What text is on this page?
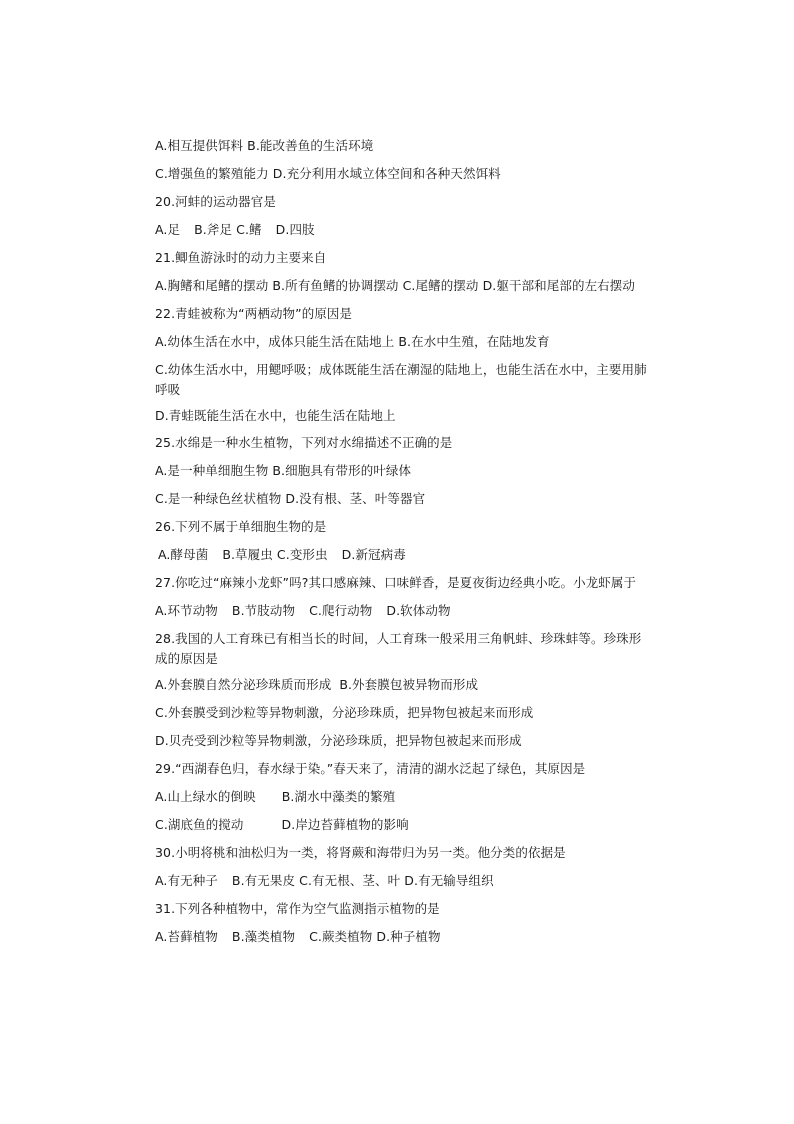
A.相互提供饵料 B.能改善鱼的生活环境
C.增强鱼的繁殖能力 D.充分利用水域立体空间和各种天然饵料
20.河蚌的运动器官是
A.足 B.斧足 C.鳍 D.四肢
21.鲫鱼游泳时的动力主要来自
A.胸鳍和尾鳍的摆动 B.所有鱼鳍的协调摆动 C.尾鳍的摆动 D.躯干部和尾部的左右摆动
22.青蛙被称为“两栖动物”的原因是
A.幼体生活在水中，成体只能生活在陆地上 B.在水中生殖，在陆地发育
C.幼体生活水中，用鳃呼吸；成体既能生活在潮湿的陆地上，也能生活在水中，主要用肺呼吸
D.青蛙既能生活在水中，也能生活在陆地上
25.水绵是一种水生植物，下列对水绵描述不正确的是
A.是一种单细胞生物 B.细胞具有带形的叶绿体
C.是一种绿色丝状植物 D.没有根、茎、叶等器官
26.下列不属于单细胞生物的是
A.酵母菌 B.草履虫 C.变形虫 D.新冠病毒
27.你吃过“麻辣小龙虾”吗?其口感麻辣、口味鲜香，是夏夜街边经典小吃。小龙虾属于
A.环节动物 B.节肢动物 C.爬行动物 D.软体动物
28.我国的人工育珠已有相当长的时间，人工育珠一般采用三角帆蚌、珍珠蚌等。珍珠形成的原因是
A.外套膜自然分泌珍珠质而形成 B.外套膜包被异物而形成
C.外套膜受到沙粒等异物刺激，分泌珍珠质，把异物包被起来而形成
D.贝壳受到沙粒等异物刺激，分泌珍珠质，把异物包被起来而形成
29.“西湖春色归，春水绿于染。”春天来了，清清的湖水泛起了绿色，其原因是
A.山上绿水的倒映 B.湖水中藻类的繁殖
C.湖底鱼的搅动	D.岸边苔藓植物的影响
30.小明将桃和油松归为一类，将肾蕨和海带归为另一类。他分类的依据是
A.有无种子 B.有无果皮 C.有无根、茎、叶 D.有无输导组织
31.下列各种植物中，常作为空气监测指示植物的是
A.苔藓植物 B.藻类植物 C.蕨类植物 D.种子植物
